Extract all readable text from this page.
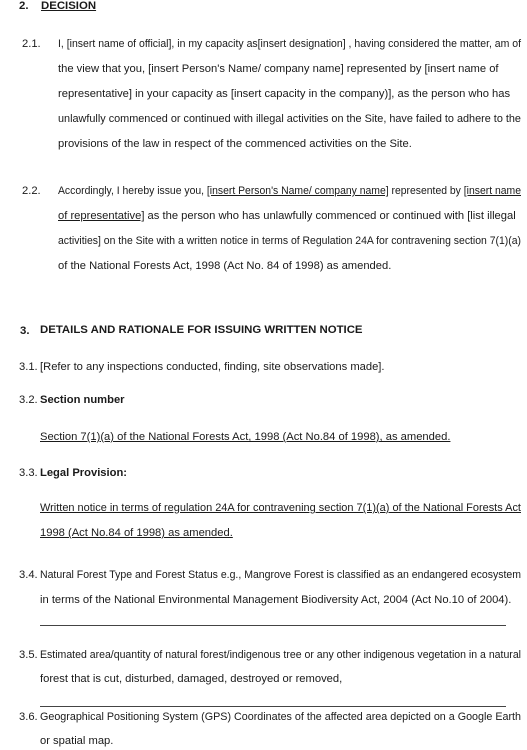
2. DECISION
2.1. I, [insert name of official], in my capacity as[insert designation] , having considered the matter, am of
the view that you, [insert Person's Name/ company name] represented by [insert name of
representative] in your capacity as [insert capacity in the company)], as the person who has
unlawfully commenced or continued with illegal activities on the Site, have failed to adhere to the
provisions of the law in respect of the commenced activities on the Site.
2.2. Accordingly, I hereby issue you, [insert Person's Name/ company name] represented by [insert name
of representative] as the person who has unlawfully commenced or continued with [list illegal
activities] on the Site with a written notice in terms of Regulation 24A for contravening section 7(1)(a)
of the National Forests Act, 1998 (Act No. 84 of 1998) as amended.
3. DETAILS AND RATIONALE FOR ISSUING WRITTEN NOTICE
3.1. [Refer to any inspections conducted, finding, site observations made].
3.2. Section number
Section 7(1)(a) of the National Forests Act, 1998 (Act No.84 of 1998), as amended.
3.3. Legal Provision:
Written notice in terms of regulation 24A for contravening section 7(1)(a) of the National Forests Act
1998 (Act No.84 of 1998) as amended.
3.4. Natural Forest Type and Forest Status e.g., Mangrove Forest is classified as an endangered ecosystem
in terms of the National Environmental Management Biodiversity Act, 2004 (Act No.10 of 2004).
3.5. Estimated area/quantity of natural forest/indigenous tree or any other indigenous vegetation in a natural
forest that is cut, disturbed, damaged, destroyed or removed,
3.6. Geographical Positioning System (GPS) Coordinates of the affected area depicted on a Google Earth
or spatial map.
